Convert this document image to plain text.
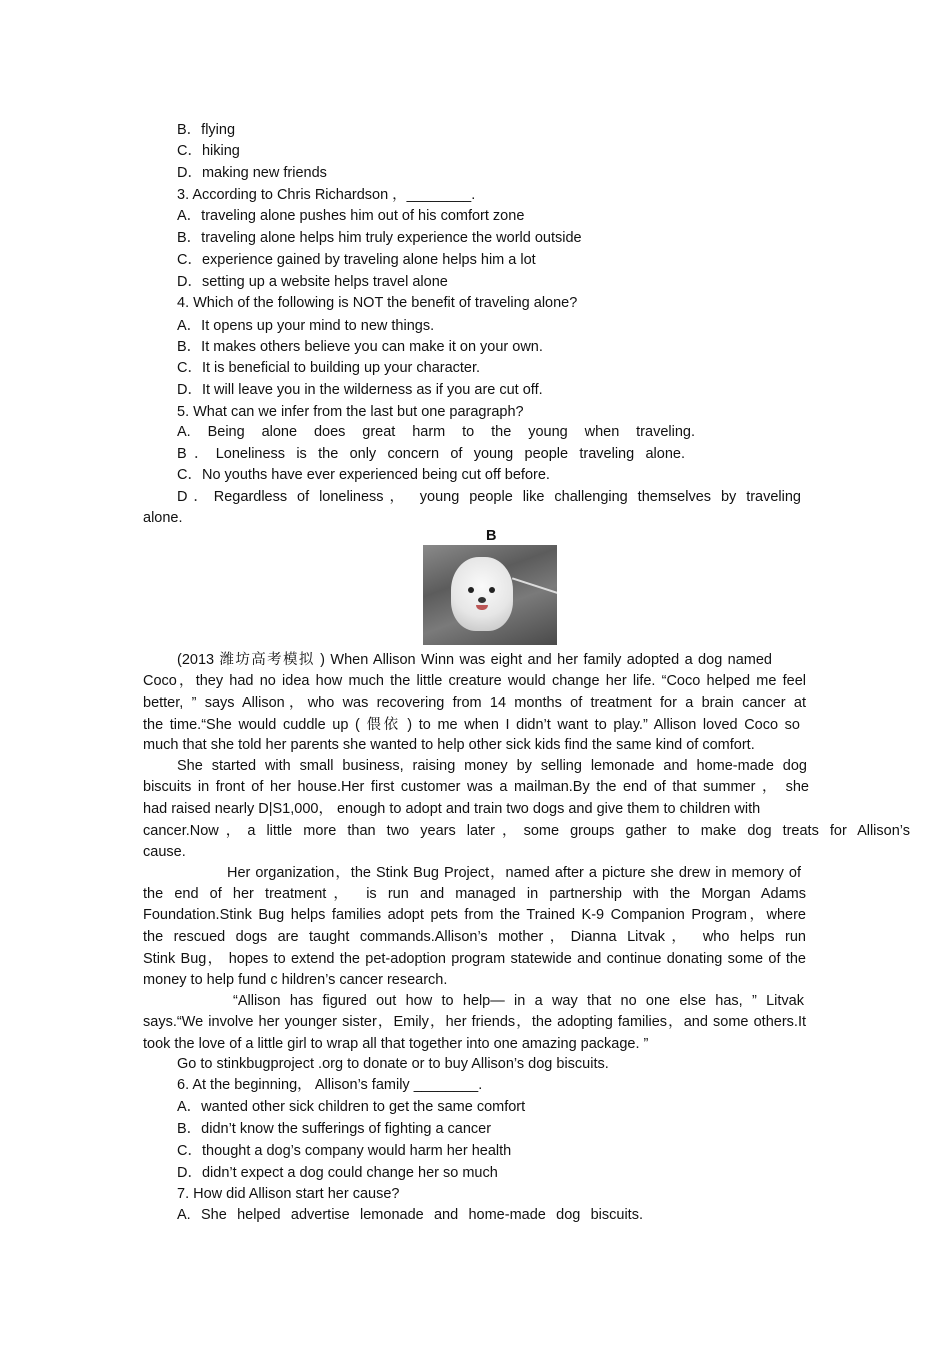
B．flying
C．hiking
D．making new friends
3. According to Chris Richardson ，________.
A．traveling alone pushes him out of his comfort zone
B．traveling alone helps him truly experience the world outside
C．experience gained by traveling alone helps him a lot
D．setting up a website helps travel alone
4. Which of the following is NOT the benefit of traveling alone?
A．It opens up your mind to new things.
B．It makes others believe you can make it on your own.
C．It is beneficial to building up your character.
D．It will leave you in the wilderness as if you are cut off.
5. What can we infer from the last but one paragraph?
A. Being alone does great harm to the young when traveling.
B．Loneliness is the only concern of young people traveling alone.
C．No youths have ever experienced being cut off before.
D．Regardless of loneliness， young people like challenging themselves by traveling
alone.
B
(2013 潍坊高考模拟 ) When Allison Winn was eight and her family adopted a dog named
Coco，they had no idea how much the little creature would change her life. “Coco helped me feel
better, ” says Allison，who was recovering from 14 months of treatment for a brain cancer at
the time.“She would cuddle up ( 偎依 ) to me when I didn’t want to play.” Allison loved Coco so
much that she told her parents she wanted to help other sick kids find the same kind of comfort.
She started with small business, raising money by selling lemonade and home-made dog
biscuits in front of her house.Her first customer was a mailman.By the end of that summer ， she
had raised nearly D|S1,000， enough to adopt and train two dogs and give them to children with
cancer.Now，a little more than two years later，some groups gather to make dog treats for Allison’s
cause.
Her organization，the Stink Bug Project，named after a picture she drew in memory of
the end of her treatment， is run and managed in partnership with the Morgan Adams
Foundation.Stink Bug helps families adopt pets from the Trained K-9 Companion Program，where
the rescued dogs are taught commands.Allison’s mother，Dianna Litvak， who helps run
Stink Bug， hopes to extend the pet-adoption program statewide and continue donating some of the
money to help fund c hildren’s cancer research.
“Allison has figured out how to help— in a way that no one else has, ” Litvak
says.“We involve her younger sister，Emily，her friends，the adopting families，and some others.It
took the love of a little girl to wrap all that together into one amazing package. ”
Go to stinkbugproject .org to donate or to buy Allison’s dog biscuits.
6. At the beginning， Allison’s family ________.
A．wanted other sick children to get the same comfort
B．didn’t know the sufferings of fighting a cancer
C．thought a dog’s company would harm her health
D．didn’t expect a dog could change her so much
7. How did Allison start her cause?
A. She helped advertise lemonade and home-made dog biscuits.
